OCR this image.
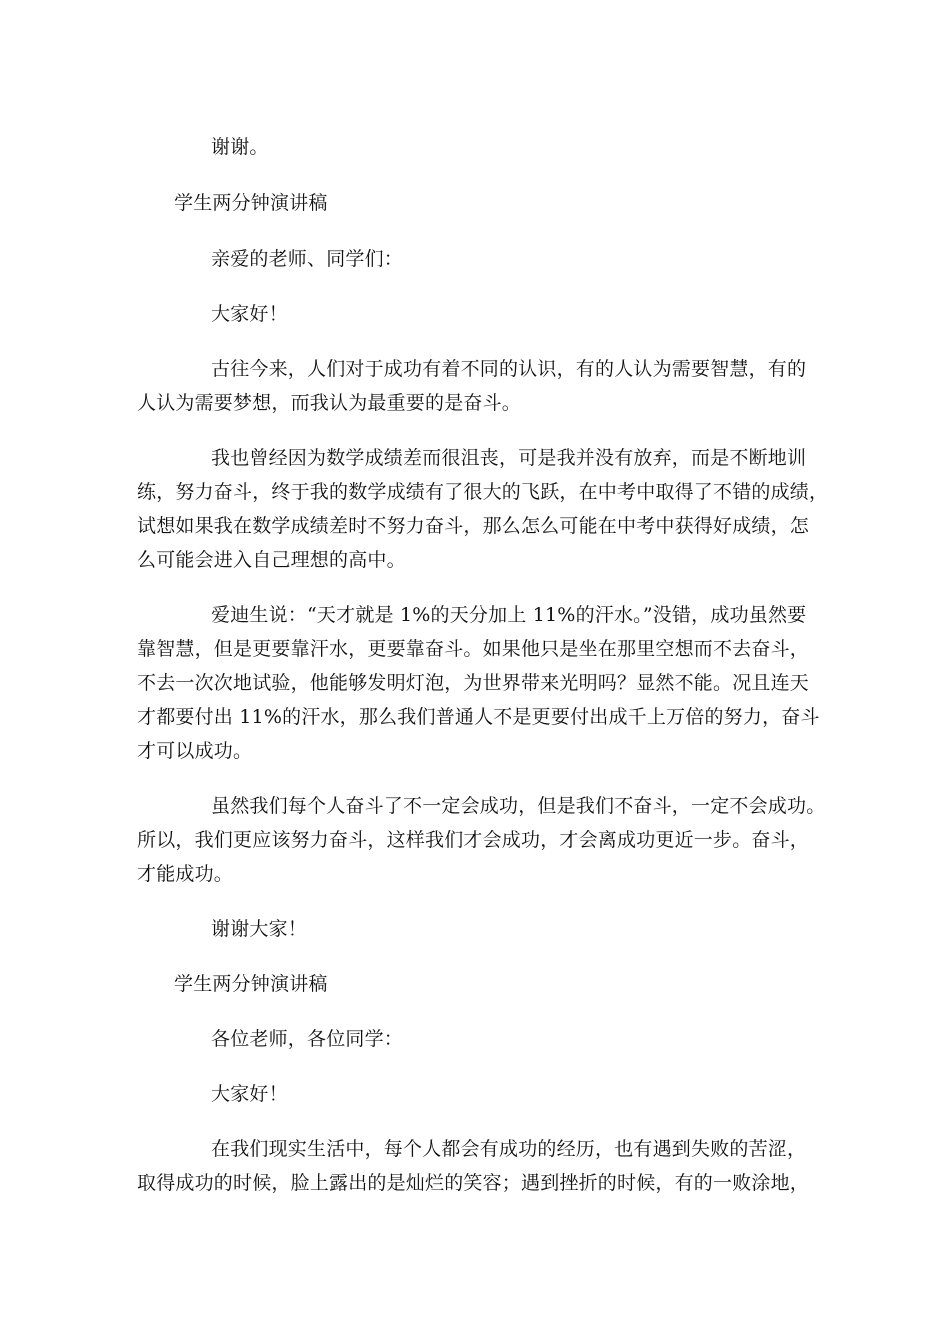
谢谢。

学生两分钟演讲稿

亲爱的老师、同学们：

大家好！

古往今来，人们对于成功有着不同的认识，有的人认为需要智慧，有的

人认为需要梦想，而我认为最重要的是奋斗。

我也曾经因为数学成绩差而很沮丧，可是我并没有放弃，而是不断地训

练，努力奋斗，终于我的数学成绩有了很大的飞跃，在中考中取得了不错的成绩，

试想如果我在数学成绩差时不努力奋斗，那么怎么可能在中考中获得好成绩，怎

么可能会进入自己理想的高中。

爱迪生说：“天才就是 1%的天分加上 11%的汗水。”没错，成功虽然要

靠智慧，但是更要靠汗水，更要靠奋斗。如果他只是坐在那里空想而不去奋斗，

不去一次次地试验，他能够发明灯泡，为世界带来光明吗？显然不能。况且连天

才都要付出 11%的汗水，那么我们普通人不是更要付出成千上万倍的努力，奋斗

才可以成功。

虽然我们每个人奋斗了不一定会成功，但是我们不奋斗，一定不会成功。

所以，我们更应该努力奋斗，这样我们才会成功，才会离成功更近一步。奋斗，

才能成功。

谢谢大家！

学生两分钟演讲稿

各位老师，各位同学：

大家好！

在我们现实生活中，每个人都会有成功的经历，也有遇到失败的苦涩，

取得成功的时候，脸上露出的是灿烂的笑容；遇到挫折的时候，有的一败涂地，
